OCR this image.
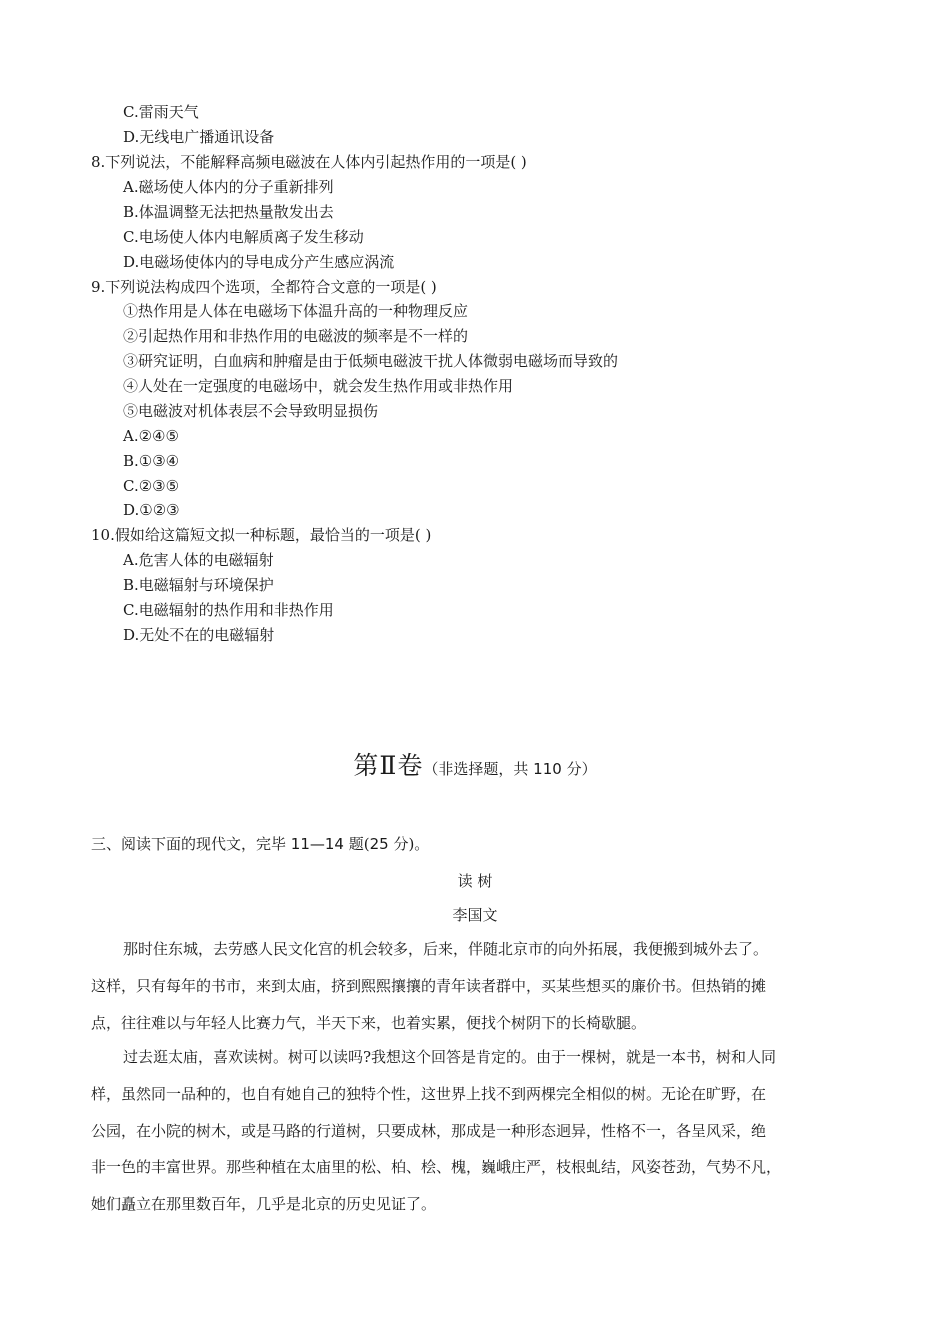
C.雷雨天气
D.无线电广播通讯设备
8.下列说法，不能解释高频电磁波在人体内引起热作用的一项是( )
A.磁场使人体内的分子重新排列
B.体温调整无法把热量散发出去
C.电场使人体内电解质离子发生移动
D.电磁场使体内的导电成分产生感应涡流
9.下列说法构成四个选项，全都符合文意的一项是( )
①热作用是人体在电磁场下体温升高的一种物理反应
②引起热作用和非热作用的电磁波的频率是不一样的
③研究证明，白血病和肿瘤是由于低频电磁波干扰人体微弱电磁场而导致的
④人处在一定强度的电磁场中，就会发生热作用或非热作用
⑤电磁波对机体表层不会导致明显损伤
A.②④⑤
B.①③④
C.②③⑤
D.①②③
10.假如给这篇短文拟一种标题，最恰当的一项是( )
A.危害人体的电磁辐射
B.电磁辐射与环境保护
C.电磁辐射的热作用和非热作用
D.无处不在的电磁辐射
第Ⅱ卷（非选择题，共 110 分）
三、阅读下面的现代文，完毕 11—14 题(25 分)。
读 树
李国文
那时住东城，去劳感人民文化宫的机会较多，后来，伴随北京市的向外拓展，我便搬到城外去了。
这样，只有每年的书市，来到太庙，挤到熙熙攘攘的青年读者群中，买某些想买的廉价书。但热销的摊
点，往往难以与年轻人比赛力气，半天下来，也着实累，便找个树阴下的长椅歇腿。
过去逛太庙，喜欢读树。树可以读吗?我想这个回答是肯定的。由于一棵树，就是一本书，树和人同
样，虽然同一品种的，也自有她自己的独特个性，这世界上找不到两棵完全相似的树。无论在旷野，在
公园，在小院的树木，或是马路的行道树，只要成林，那成是一种形态迥异，性格不一，各呈风采，绝
非一色的丰富世界。那些种植在太庙里的松、柏、桧、槐，巍峨庄严，枝根虬结，风姿苍劲，气势不凡，
她们矗立在那里数百年，几乎是北京的历史见证了。
